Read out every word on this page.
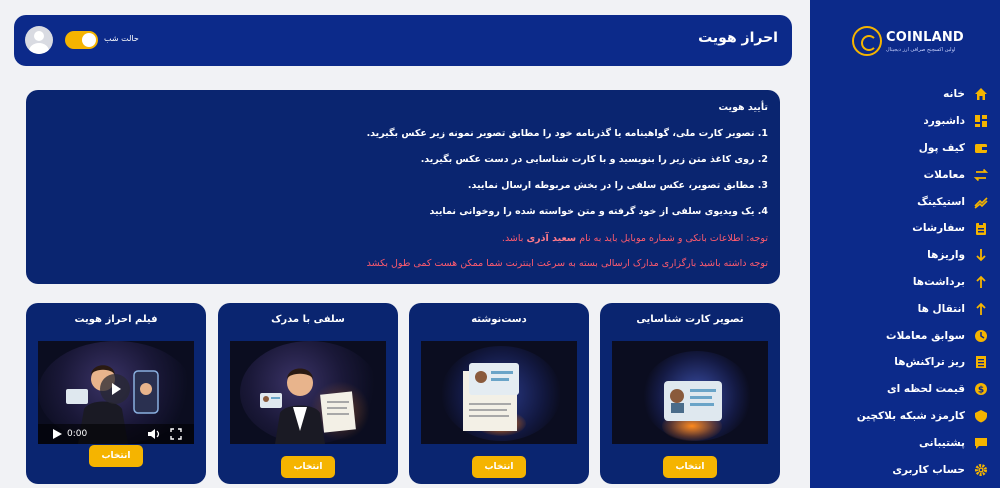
COINLAND
اولین اکسچنج صرافی ارز دیجیتال
خانه
داشبورد
کیف پول
معاملات
استیکینگ
سفارشات
واریزها
برداشت‌ها
انتقال ها
سوابق معاملات
ریز تراکنش‌ها
$
قیمت لحظه ای
کارمزد شبکه بلاکچین
پشتیبانی
حساب کاربری
احراز هویت
حالت شب
تأیید هویت
1. تصویر کارت ملی، گواهینامه یا گذرنامه خود را مطابق تصویر نمونه زیر عکس بگیرید.
2. روی کاغذ متن زیر را بنویسید و با کارت شناسایی در دست عکس بگیرید.
3. مطابق تصویر، عکس سلفی را در بخش مربوطه ارسال نمایید.
4. یک ویدیوی سلفی از خود گرفته و متن خواسته شده را روخوانی نمایید
توجه: اطلاعات بانکی و شماره موبایل باید به نام سعید آذری باشد.
توجه داشته باشید بارگزاری مدارک ارسالی بسته به سرعت اینترنت شما ممکن هست کمی طول بکشد
تصویر کارت شناسایی
انتخاب
دست‌نوشته
انتخاب
سلفی با مدرک
انتخاب
فیلم احراز هویت
0:00
انتخاب
